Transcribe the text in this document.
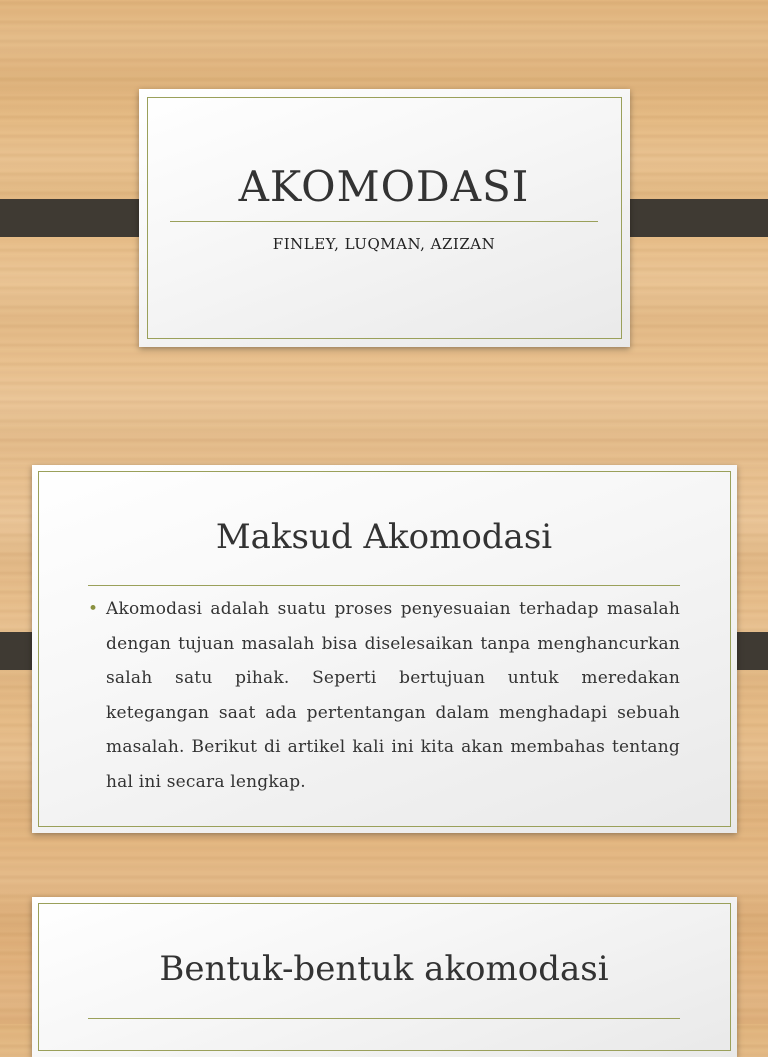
AKOMODASI
FINLEY, LUQMAN, AZIZAN
Maksud Akomodasi
• Akomodasi adalah suatu proses penyesuaian terhadap masalah dengan tujuan masalah bisa diselesaikan tanpa menghancurkan salah satu pihak. Seperti bertujuan untuk meredakan ketegangan saat ada pertentangan dalam menghadapi sebuah masalah. Berikut di artikel kali ini kita akan membahas tentang hal ini secara lengkap.
Bentuk-bentuk akomodasi
